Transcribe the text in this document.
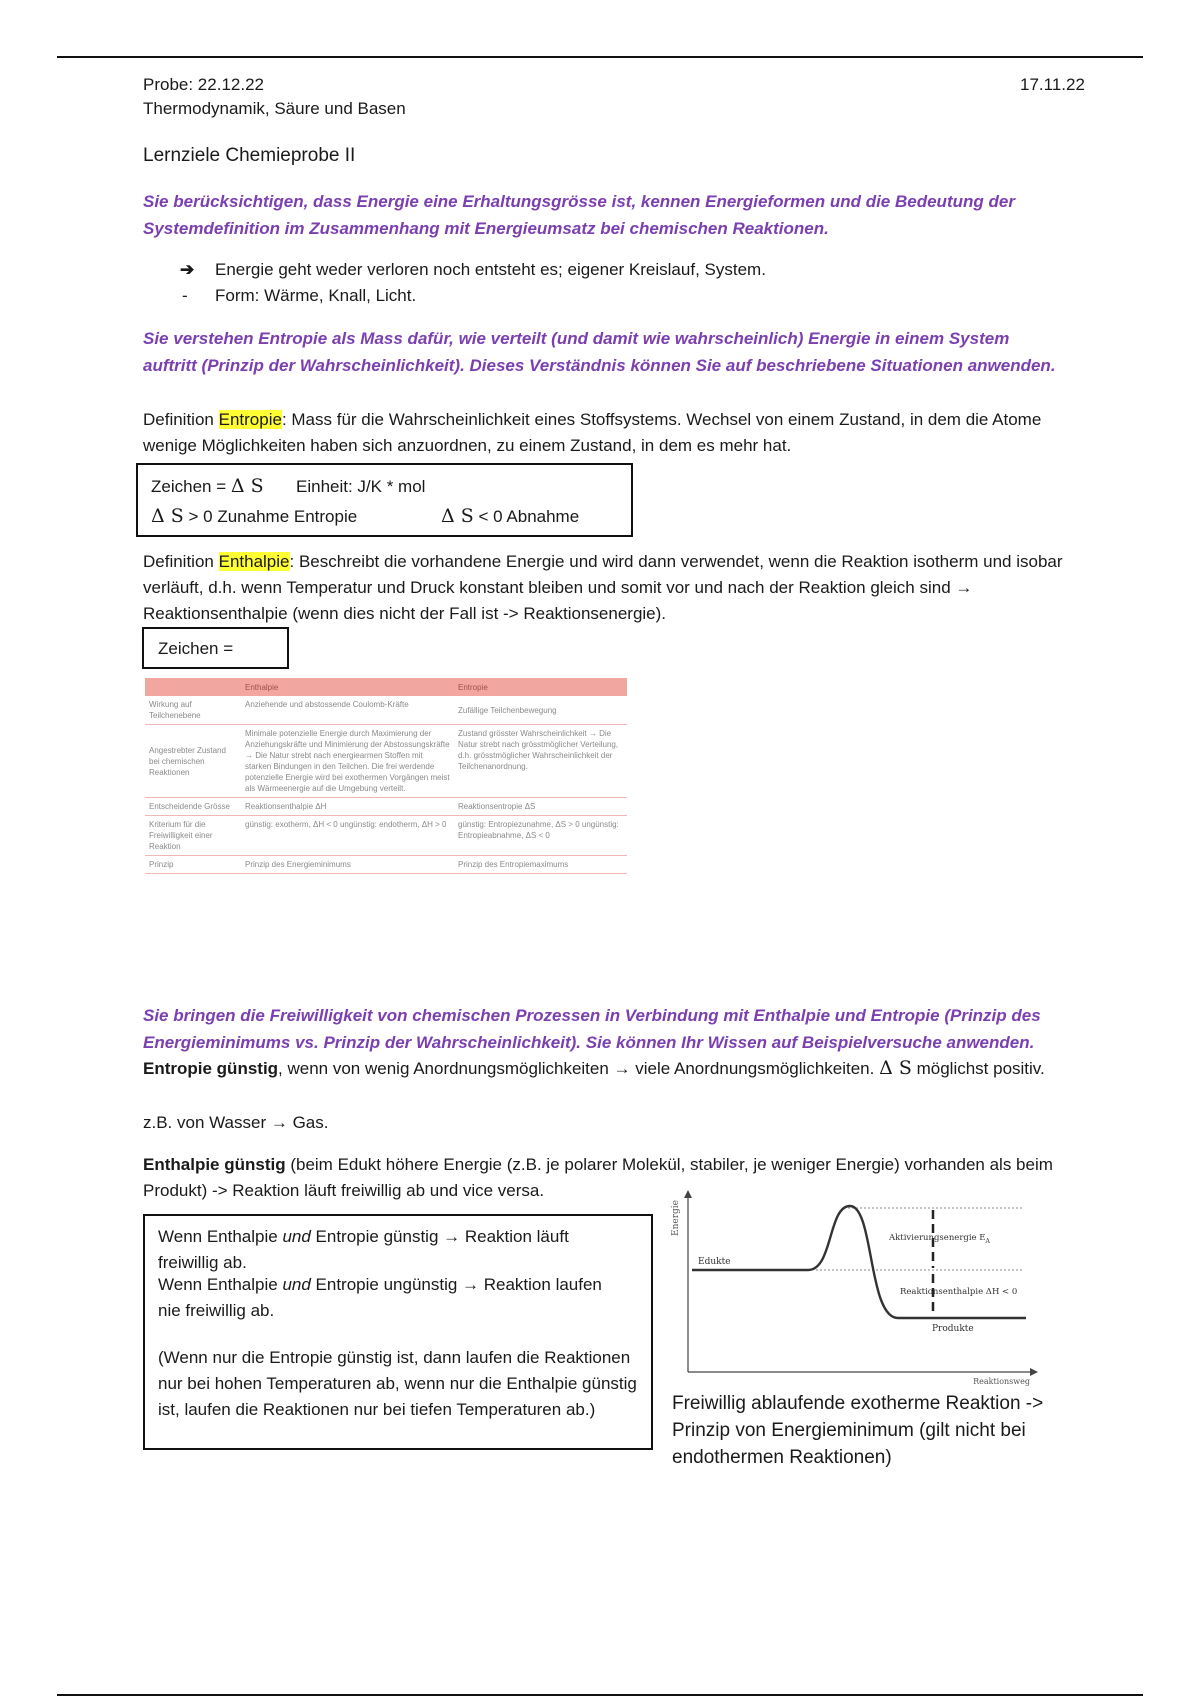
Probe: 22.12.22	17.11.22
Thermodynamik, Säure und Basen
Lernziele Chemieprobe II
Sie berücksichtigen, dass Energie eine Erhaltungsgrösse ist, kennen Energieformen und die Bedeutung der Systemdefinition im Zusammenhang mit Energieumsatz bei chemischen Reaktionen.
➔ Energie geht weder verloren noch entsteht es; eigener Kreislauf, System.
- Form: Wärme, Knall, Licht.
Sie verstehen Entropie als Mass dafür, wie verteilt (und damit wie wahrscheinlich) Energie in einem System auftritt (Prinzip der Wahrscheinlichkeit). Dieses Verständnis können Sie auf beschriebene Situationen anwenden.
Definition Entropie: Mass für die Wahrscheinlichkeit eines Stoffsystems. Wechsel von einem Zustand, in dem die Atome wenige Möglichkeiten haben sich anzuordnen, zu einem Zustand, in dem es mehr hat.
Zeichen = Δ S Einheit: J/K * mol
Δ S > 0 Zunahme Entropie	Δ S < 0 Abnahme
Definition Enthalpie: Beschreibt die vorhandene Energie und wird dann verwendet, wenn die Reaktion isotherm und isobar verläuft, d.h. wenn Temperatur und Druck konstant bleiben und somit vor und nach der Reaktion gleich sind → Reaktionsenthalpie (wenn dies nicht der Fall ist -> Reaktionsenergie).
Zeichen =
	Enthalpie	Entropie
Wirkung auf Teilchenebene	Anziehende und abstossende Coulomb-Kräfte	Zufällige Teilchenbewegung
Angestrebter Zustand bei chemischen Reaktionen	Minimale potenzielle Energie durch Maximierung der Anziehungskräfte und Minimierung der Abstossungskräfte → Die Natur strebt nach energiearmen Stoffen mit starken Bindungen in den Teilchen. Die frei werdende potenzielle Energie wird bei exothermen Vorgängen meist als Wärmeenergie auf die Umgebung verteilt.	Zustand grösster Wahrscheinlichkeit → Die Natur strebt nach grösstmöglicher Verteilung, d.h. grösstmöglicher Wahrscheinlichkeit der Teilchenanordnung.
Entscheidende Grösse	Reaktionsenthalpie ΔH	Reaktionsentropie ΔS
Kriterium für die Freiwilligkeit einer Reaktion	günstig: exotherm, ΔH < 0 ungünstig: endotherm, ΔH > 0	günstig: Entropiezunahme, ΔS > 0 ungünstig: Entropieabnahme, ΔS < 0
Prinzip	Prinzip des Energieminimums	Prinzip des Entropiemaximums
Sie bringen die Freiwilligkeit von chemischen Prozessen in Verbindung mit Enthalpie und Entropie (Prinzip des Energieminimums vs. Prinzip der Wahrscheinlichkeit). Sie können Ihr Wissen auf Beispielversuche anwenden.
Entropie günstig, wenn von wenig Anordnungsmöglichkeiten → viele Anordnungsmöglichkeiten. Δ S möglichst positiv.
z.B. von Wasser → Gas.
Enthalpie günstig (beim Edukt höhere Energie (z.B. je polarer Molekül, stabiler, je weniger Energie) vorhanden als beim Produkt) -> Reaktion läuft freiwillig ab und vice versa.
Wenn Enthalpie und Entropie günstig → Reaktion läuft freiwillig ab.
Wenn Enthalpie und Entropie ungünstig → Reaktion laufen nie freiwillig ab.
(Wenn nur die Entropie günstig ist, dann laufen die Reaktionen nur bei hohen Temperaturen ab, wenn nur die Enthalpie günstig ist, laufen die Reaktionen nur bei tiefen Temperaturen ab.)
Energie
Reaktionsweg
Edukte
Produkte
Aktivierungsenergie $E_A$
Reaktionsenthalpie ΔH < 0
Freiwillig ablaufende exotherme Reaktion -> Prinzip von Energieminimum (gilt nicht bei endothermen Reaktionen)
